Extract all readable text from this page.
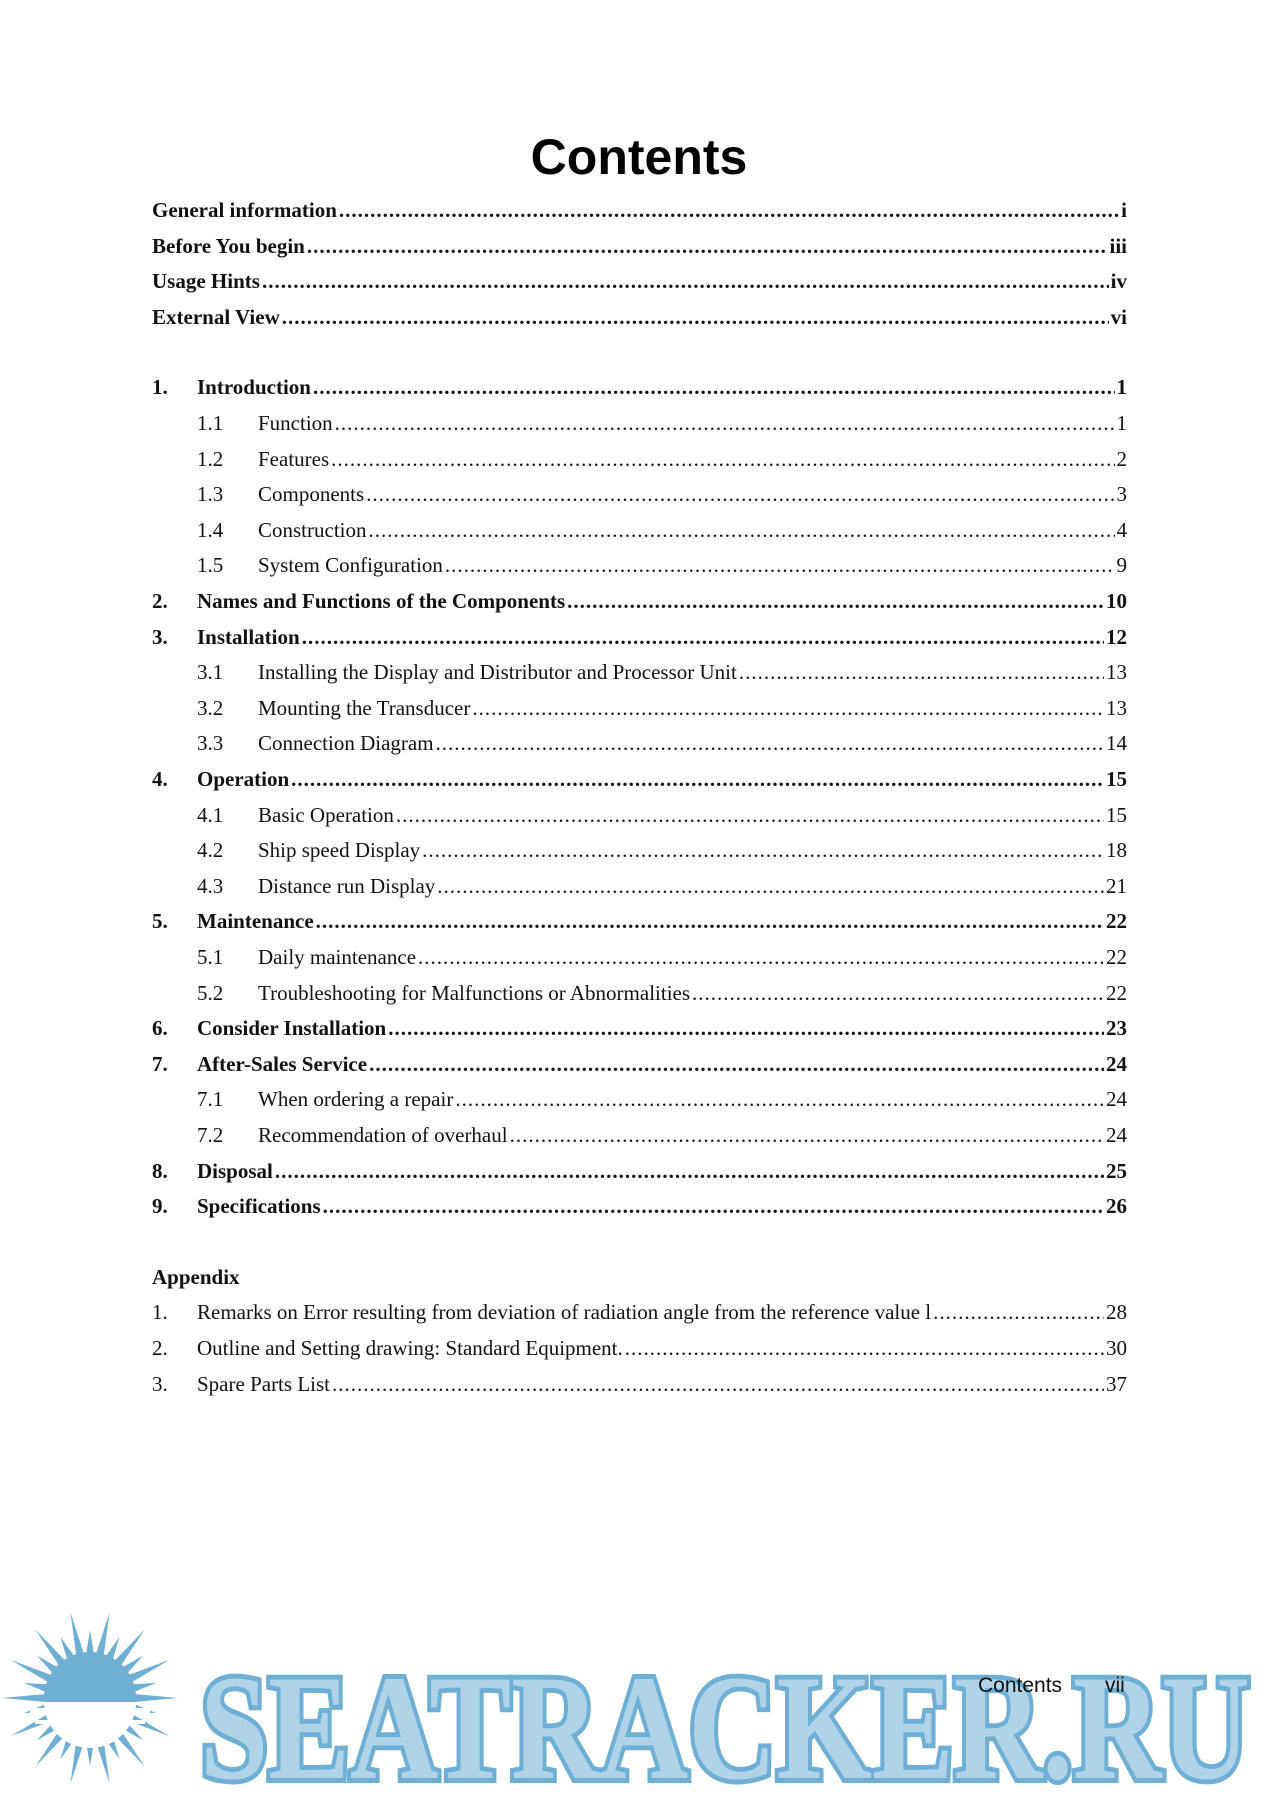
Contents
General information .....	i
Before You begin .....	iii
Usage Hints .....	iv
External View .....	vi
1.	Introduction .....	1
1.1	Function .....	1
1.2	Features .....	2
1.3	Components .....	3
1.4	Construction .....	4
1.5	System Configuration .....	9
2.	Names and Functions of the Components .....	10
3.	Installation .....	12
3.1	Installing the Display and Distributor and Processor Unit .....	13
3.2	Mounting the Transducer .....	13
3.3	Connection Diagram .....	14
4.	Operation .....	15
4.1	Basic Operation .....	15
4.2	Ship speed Display .....	18
4.3	Distance run Display .....	21
5.	Maintenance .....	22
5.1	Daily maintenance .....	22
5.2	Troubleshooting for Malfunctions or Abnormalities .....	22
6.	Consider Installation .....	23
7.	After-Sales Service .....	24
7.1	When ordering a repair .....	24
7.2	Recommendation of overhaul .....	24
8.	Disposal .....	25
9.	Specifications .....	26
Appendix
1.	Remarks on Error resulting from deviation of radiation angle from the reference value l .....	28
2.	Outline and Setting drawing: Standard Equipment. .....	30
3.	Spare Parts List .....	37
SEATRACKER.RU
SEATRACKER.RU
Contents vii
